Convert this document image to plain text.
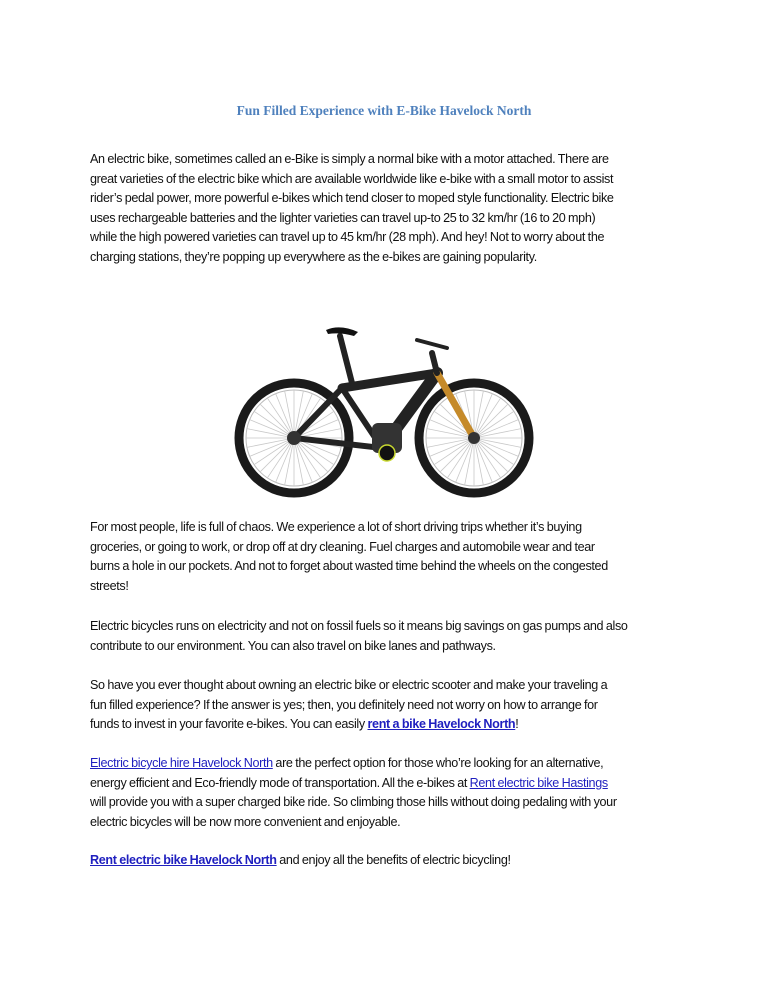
Fun Filled Experience with E-Bike Havelock North
An electric bike, sometimes called an e-Bike is simply a normal bike with a motor attached. There are
great varieties of the electric bike which are available worldwide like e-bike with a small motor to assist
rider’s pedal power, more powerful e-bikes which tend closer to moped style functionality. Electric bike
uses rechargeable batteries and the lighter varieties can travel up-to 25 to 32 km/hr (16 to 20 mph)
while the high powered varieties can travel up to 45 km/hr (28 mph). And hey! Not to worry about the
charging stations, they’re popping up everywhere as the e-bikes are gaining popularity.
For most people, life is full of chaos. We experience a lot of short driving trips whether it’s buying
groceries, or going to work, or drop off at dry cleaning. Fuel charges and automobile wear and tear
burns a hole in our pockets. And not to forget about wasted time behind the wheels on the congested
streets!
Electric bicycles runs on electricity and not on fossil fuels so it means big savings on gas pumps and also
contribute to our environment. You can also travel on bike lanes and pathways.
So have you ever thought about owning an electric bike or electric scooter and make your traveling a
fun filled experience? If the answer is yes; then, you definitely need not worry on how to arrange for
funds to invest in your favorite e-bikes. You can easily rent a bike Havelock North!
Electric bicycle hire Havelock North are the perfect option for those who’re looking for an alternative,
energy efficient and Eco-friendly mode of transportation. All the e-bikes at Rent electric bike Hastings
will provide you with a super charged bike ride. So climbing those hills without doing pedaling with your
electric bicycles will be now more convenient and enjoyable.
Rent electric bike Havelock North and enjoy all the benefits of electric bicycling!
